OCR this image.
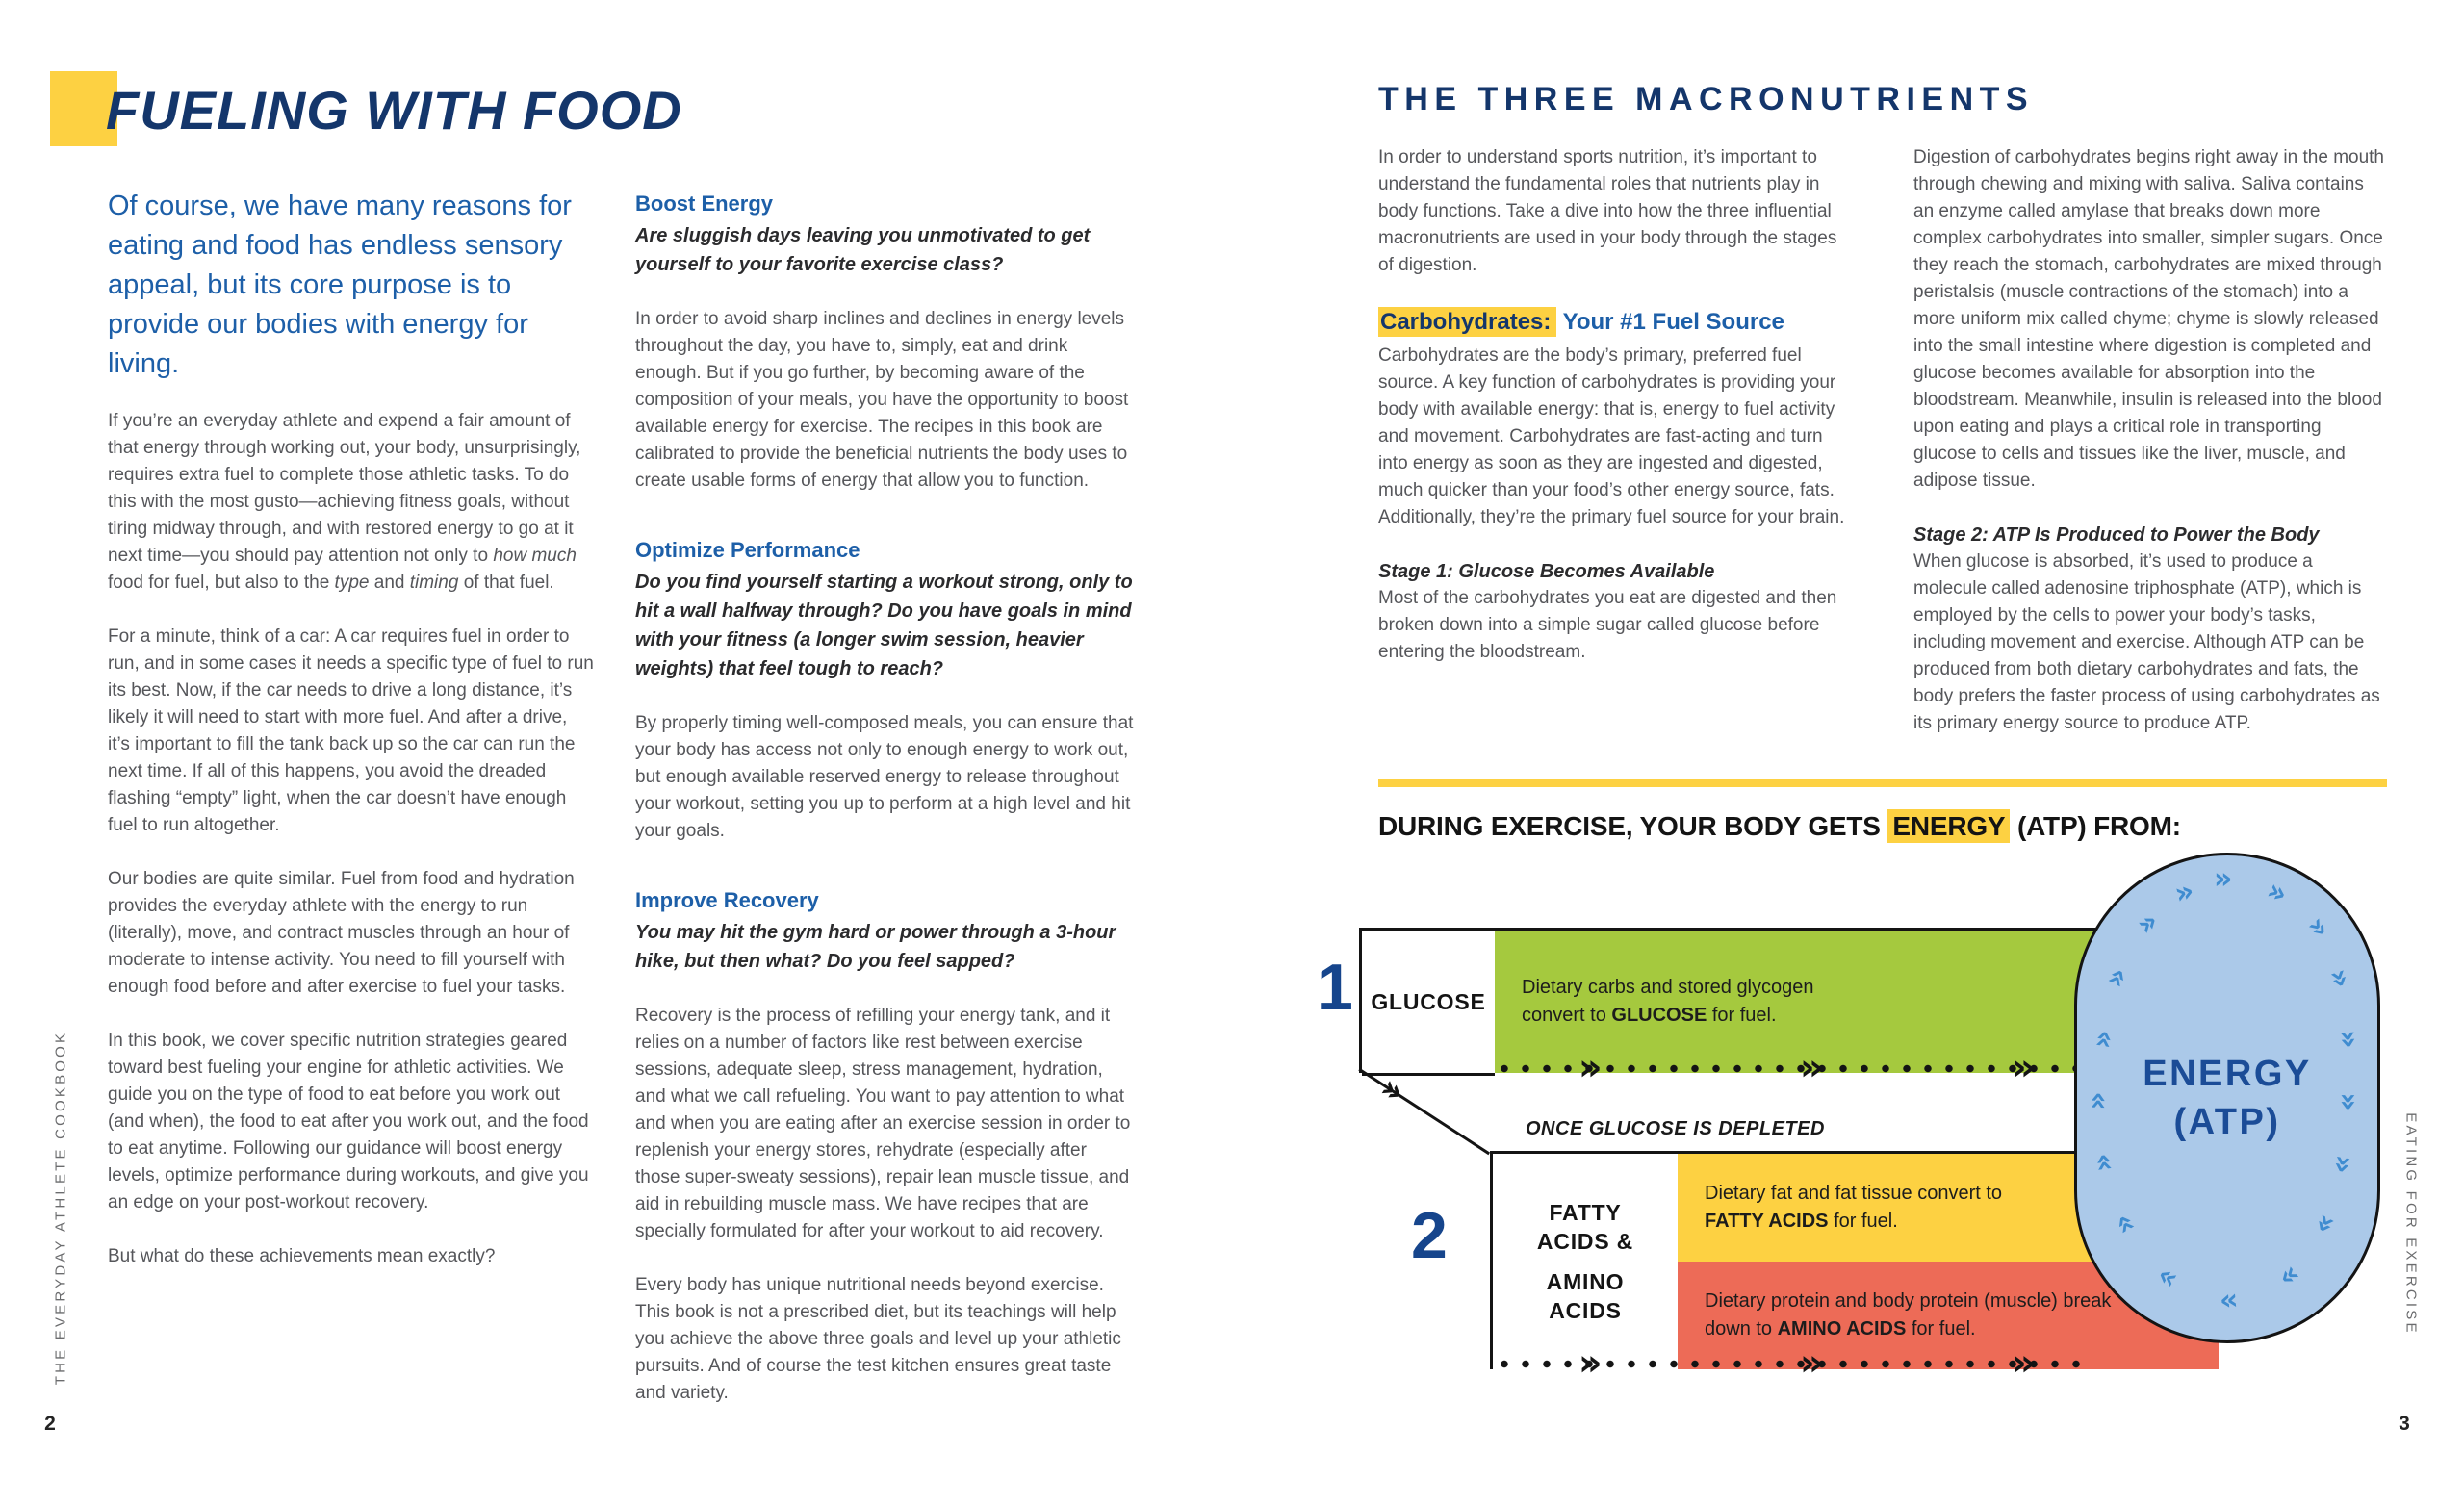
THE EVERYDAY ATHLETE COOKBOOK	EATING FOR EXERCISE
2	3
FUELING WITH FOOD
Of course, we have many reasons for eating and food has endless sensory appeal, but its core purpose is to provide our bodies with energy for living.

If you’re an everyday athlete and expend a fair amount of that energy through working out, your body, unsurprisingly, requires extra fuel to complete those athletic tasks. To do this with the most gusto—achieving fitness goals, without tiring midway through, and with restored energy to go at it next time—you should pay attention not only to how much food for fuel, but also to the type and timing of that fuel.

For a minute, think of a car: A car requires fuel in order to run, and in some cases it needs a specific type of fuel to run its best. Now, if the car needs to drive a long distance, it’s likely it will need to start with more fuel. And after a drive, it’s important to fill the tank back up so the car can run the next time. If all of this happens, you avoid the dreaded flashing “empty” light, when the car doesn’t have enough fuel to run altogether.

Our bodies are quite similar. Fuel from food and hydration provides the everyday athlete with the energy to run (literally), move, and contract muscles through an hour of moderate to intense activity. You need to fill yourself with enough food before and after exercise to fuel your tasks.

In this book, we cover specific nutrition strategies geared toward best fueling your engine for athletic activities. We guide you on the type of food to eat before you work out (and when), the food to eat after you work out, and the food to eat anytime. Following our guidance will boost energy levels, optimize performance during workouts, and give you an edge on your post-workout recovery.

But what do these achievements mean exactly?

Boost Energy
Are sluggish days leaving you unmotivated to get yourself to your favorite exercise class?

In order to avoid sharp inclines and declines in energy levels throughout the day, you have to, simply, eat and drink enough. But if you go further, by becoming aware of the composition of your meals, you have the opportunity to boost available energy for exercise. The recipes in this book are calibrated to provide the beneficial nutrients the body uses to create usable forms of energy that allow you to function.

Optimize Performance
Do you find yourself starting a workout strong, only to hit a wall halfway through? Do you have goals in mind with your fitness (a longer swim session, heavier weights) that feel tough to reach?

By properly timing well-composed meals, you can ensure that your body has access not only to enough energy to work out, but enough available reserved energy to release throughout your workout, setting you up to perform at a high level and hit your goals.

Improve Recovery
You may hit the gym hard or power through a 3-hour hike, but then what? Do you feel sapped?

Recovery is the process of refilling your energy tank, and it relies on a number of factors like rest between exercise sessions, adequate sleep, stress management, hydration, and what we call refueling. You want to pay attention to what and when you are eating after an exercise session in order to replenish your energy stores, rehydrate (especially after those super-sweaty sessions), repair lean muscle tissue, and aid in rebuilding muscle mass. We have recipes that are specially formulated for after your workout to aid recovery.

Every body has unique nutritional needs beyond exercise. This book is not a prescribed diet, but its teachings will help you achieve the above three goals and level up your athletic pursuits. And of course the test kitchen ensures great taste and variety.

THE THREE MACRONUTRIENTS

In order to understand sports nutrition, it’s important to understand the fundamental roles that nutrients play in body functions. Take a dive into how the three influential macronutrients are used in your body through the stages of digestion.

Carbohydrates: Your #1 Fuel Source

Carbohydrates are the body’s primary, preferred fuel source. A key function of carbohydrates is providing your body with available energy: that is, energy to fuel activity and movement. Carbohydrates are fast-acting and turn into energy as soon as they are ingested and digested, much quicker than your food’s other energy source, fats. Additionally, they’re the primary fuel source for your brain.

Stage 1: Glucose Becomes Available

Most of the carbohydrates you eat are digested and then broken down into a simple sugar called glucose before entering the bloodstream.

Digestion of carbohydrates begins right away in the mouth through chewing and mixing with saliva. Saliva contains an enzyme called amylase that breaks down more complex carbohydrates into smaller, simpler sugars. Once they reach the stomach, carbohydrates are mixed through peristalsis (muscle contractions of the stomach) into a more uniform mix called chyme; chyme is slowly released into the small intestine where digestion is completed and glucose becomes available for absorption into the bloodstream. Meanwhile, insulin is released into the blood upon eating and plays a critical role in transporting glucose to cells and tissues like the liver, muscle, and adipose tissue.

Stage 2: ATP Is Produced to Power the Body

When glucose is absorbed, it’s used to produce a molecule called adenosine triphosphate (ATP), which is employed by the cells to power your body’s tasks, including movement and exercise. Although ATP can be produced from both dietary carbohydrates and fats, the body prefers the faster process of using carbohydrates as its primary energy source to produce ATP.

DURING EXERCISE, YOUR BODY GETS ENERGY (ATP) FROM:
1 GLUCOSE
Dietary carbs and stored glycogen convert to GLUCOSE for fuel.
»	»	»
»
ONCE GLUCOSE IS DEPLETED
2	FATTY
ACIDS &
AMINO
ACIDS
Dietary fat and fat tissue convert to FATTY ACIDS for fuel.
Dietary protein and body protein (muscle) break down to AMINO ACIDS for fuel.
»	»	»
ENERGY
(ATP)
» »
»
»
»
»
»
»
»
»
»
»
»
»
»
»
»
»
